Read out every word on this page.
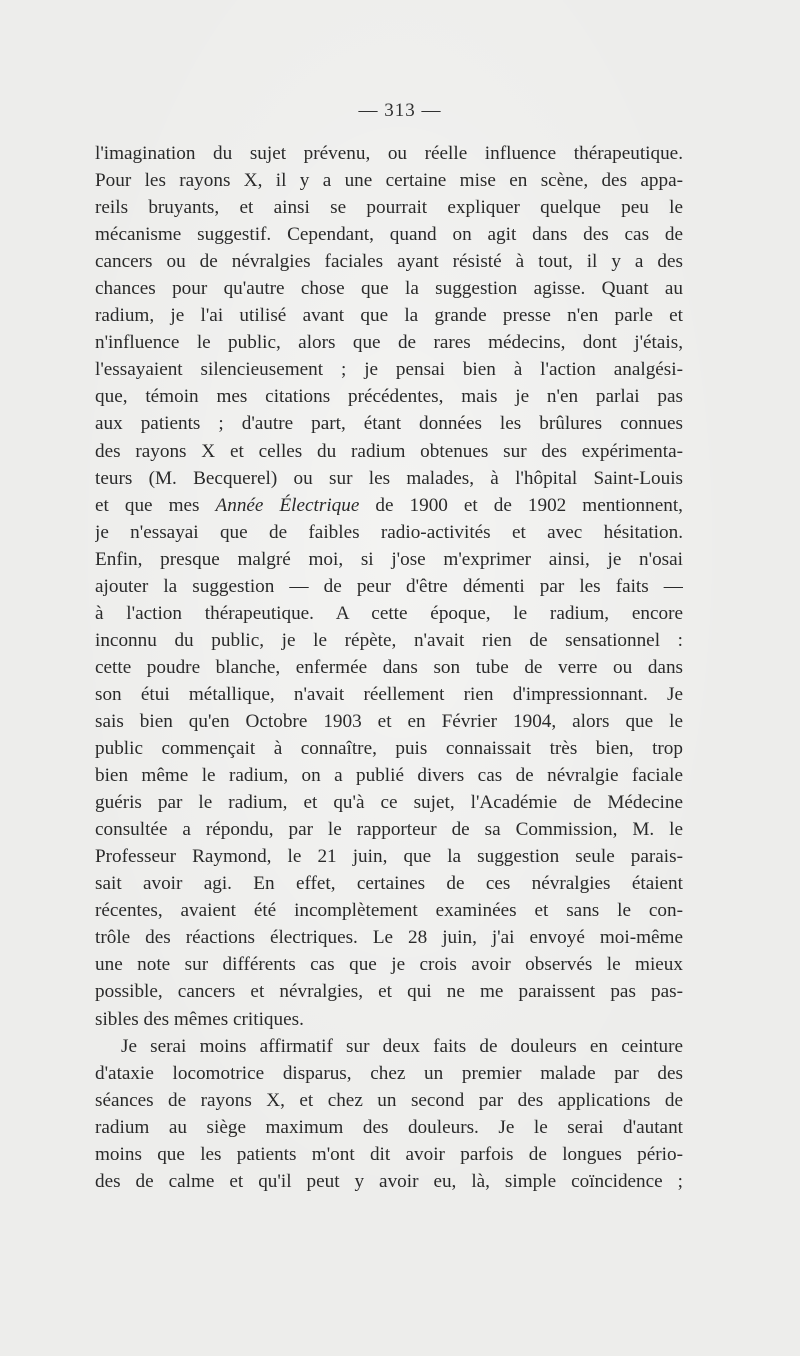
— 313 —
l'imagination du sujet prévenu, ou réelle influence thérapeutique.
Pour les rayons X, il y a une certaine mise en scène, des appa-
reils bruyants, et ainsi se pourrait expliquer quelque peu le
mécanisme suggestif. Cependant, quand on agit dans des cas de
cancers ou de névralgies faciales ayant résisté à tout, il y a des
chances pour qu'autre chose que la suggestion agisse. Quant au
radium, je l'ai utilisé avant que la grande presse n'en parle et
n'influence le public, alors que de rares médecins, dont j'étais,
l'essayaient silencieusement ; je pensai bien à l'action analgési-
que, témoin mes citations précédentes, mais je n'en parlai pas
aux patients ; d'autre part, étant données les brûlures connues
des rayons X et celles du radium obtenues sur des expérimenta-
teurs (M. Becquerel) ou sur les malades, à l'hôpital Saint-Louis
et que mes Année Électrique de 1900 et de 1902 mentionnent,
je n'essayai que de faibles radio-activités et avec hésitation.
Enfin, presque malgré moi, si j'ose m'exprimer ainsi, je n'osai
ajouter la suggestion — de peur d'être démenti par les faits —
à l'action thérapeutique. A cette époque, le radium, encore
inconnu du public, je le répète, n'avait rien de sensationnel :
cette poudre blanche, enfermée dans son tube de verre ou dans
son étui métallique, n'avait réellement rien d'impressionnant. Je
sais bien qu'en Octobre 1903 et en Février 1904, alors que le
public commençait à connaître, puis connaissait très bien, trop
bien même le radium, on a publié divers cas de névralgie faciale
guéris par le radium, et qu'à ce sujet, l'Académie de Médecine
consultée a répondu, par le rapporteur de sa Commission, M. le
Professeur Raymond, le 21 juin, que la suggestion seule parais-
sait avoir agi. En effet, certaines de ces névralgies étaient
récentes, avaient été incomplètement examinées et sans le con-
trôle des réactions électriques. Le 28 juin, j'ai envoyé moi-même
une note sur différents cas que je crois avoir observés le mieux
possible, cancers et névralgies, et qui ne me paraissent pas pas-
sibles des mêmes critiques.
Je serai moins affirmatif sur deux faits de douleurs en ceinture
d'ataxie locomotrice disparus, chez un premier malade par des
séances de rayons X, et chez un second par des applications de
radium au siège maximum des douleurs. Je le serai d'autant
moins que les patients m'ont dit avoir parfois de longues pério-
des de calme et qu'il peut y avoir eu, là, simple coïncidence ;
